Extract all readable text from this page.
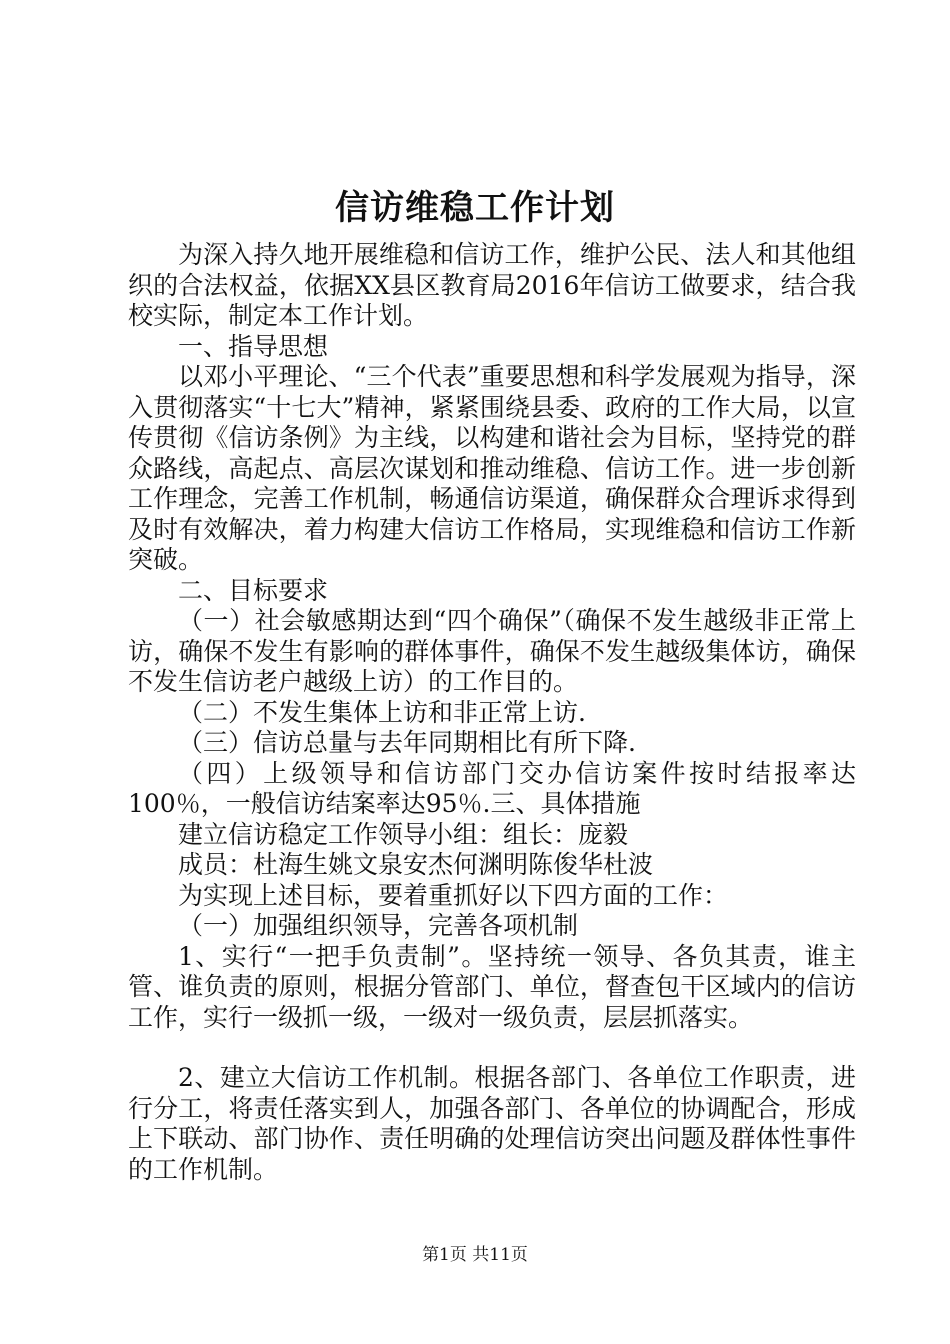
信访维稳工作计划

为深入持久地开展维稳和信访工作，维护公民、法人和其他组织的合法权益，依据XX县区教育局2016年信访工做要求，结合我校实际，制定本工作计划。

一、指导思想

以邓小平理论、“三个代表”重要思想和科学发展观为指导，深入贯彻落实“十七大”精神，紧紧围绕县委、政府的工作大局，以宣传贯彻《信访条例》为主线，以构建和谐社会为目标，坚持党的群众路线，高起点、高层次谋划和推动维稳、信访工作。进一步创新工作理念，完善工作机制，畅通信访渠道，确保群众合理诉求得到及时有效解决，着力构建大信访工作格局，实现维稳和信访工作新突破。

二、目标要求

（一）社会敏感期达到“四个确保”（确保不发生越级非正常上访，确保不发生有影响的群体事件，确保不发生越级集体访，确保不发生信访老户越级上访）的工作目的。

（二）不发生集体上访和非正常上访.

（三）信访总量与去年同期相比有所下降.

（四）上级领导和信访部门交办信访案件按时结报率达100％，一般信访结案率达95％.三、具体措施

建立信访稳定工作领导小组：组长：庞毅

成员：杜海生姚文泉安杰何渊明陈俊华杜波

为实现上述目标，要着重抓好以下四方面的工作：

（一）加强组织领导，完善各项机制

1、实行“一把手负责制”。坚持统一领导、各负其责，谁主管、谁负责的原则，根据分管部门、单位，督查包干区域内的信访工作，实行一级抓一级，一级对一级负责，层层抓落实。

2、建立大信访工作机制。根据各部门、各单位工作职责，进行分工，将责任落实到人，加强各部门、各单位的协调配合，形成上下联动、部门协作、责任明确的处理信访突出问题及群体性事件的工作机制。

第1页 共11页
